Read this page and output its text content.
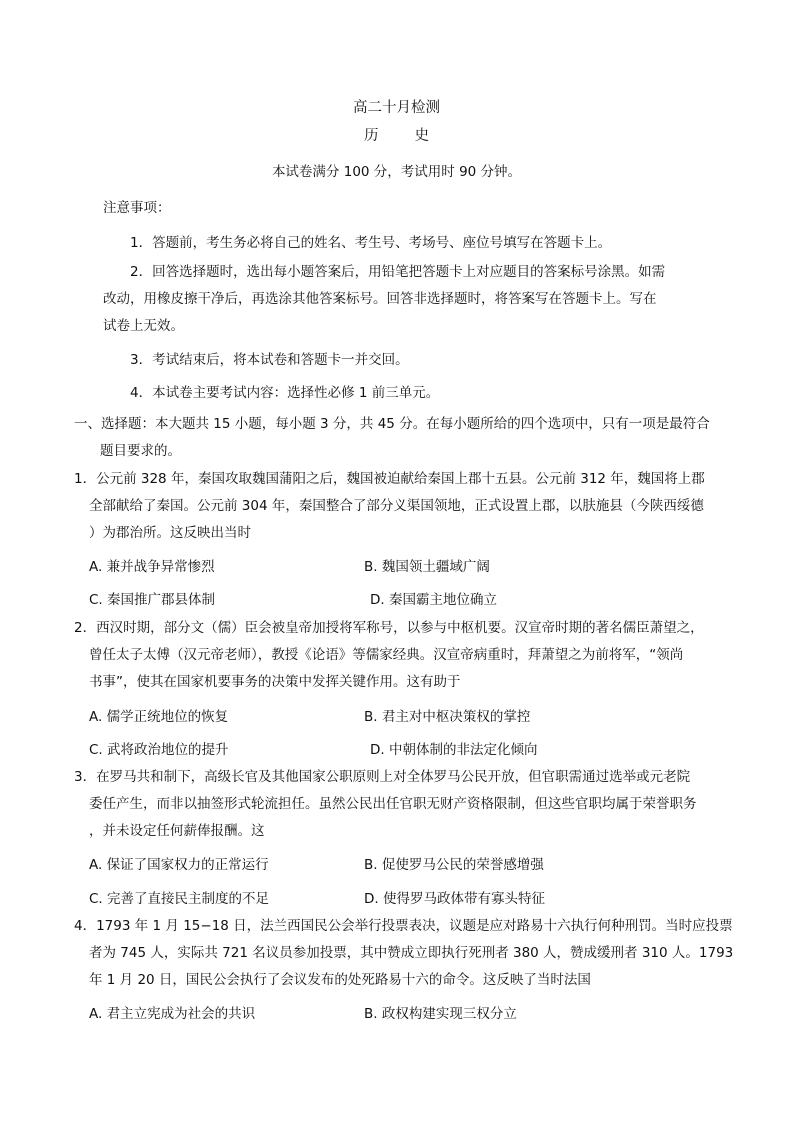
高二十月检测
历 史
本试卷满分 100 分，考试用时 90 分钟。
注意事项：
1．答题前，考生务必将自己的姓名、考生号、考场号、座位号填写在答题卡上。
2．回答选择题时，选出每小题答案后，用铅笔把答题卡上对应题目的答案标号涂黑。如需
改动，用橡皮擦干净后，再选涂其他答案标号。回答非选择题时，将答案写在答题卡上。写在
试卷上无效。
3．考试结束后，将本试卷和答题卡一并交回。
4．本试卷主要考试内容：选择性必修 1 前三单元。
一、选择题：本大题共 15 小题，每小题 3 分，共 45 分。在每小题所给的四个选项中，只有一项是最符合
题目要求的。
1．公元前 328 年，秦国攻取魏国蒲阳之后，魏国被迫献给秦国上郡十五县。公元前 312 年，魏国将上郡
全部献给了秦国。公元前 304 年，秦国整合了部分义渠国领地，正式设置上郡，以肤施县（今陕西绥德
）为郡治所。这反映出当时
A. 兼并战争异常惨烈	B. 魏国领土疆域广阔
C. 秦国推广郡县体制	D. 秦国霸主地位确立
2．西汉时期，部分文（儒）臣会被皇帝加授将军称号，以参与中枢机要。汉宣帝时期的著名儒臣萧望之，
曾任太子太傅（汉元帝老师），教授《论语》等儒家经典。汉宣帝病重时，拜萧望之为前将军，“领尚
书事”，使其在国家机要事务的决策中发挥关键作用。这有助于
A. 儒学正统地位的恢复	B. 君主对中枢决策权的掌控
C. 武将政治地位的提升	D. 中朝体制的非法定化倾向
3．在罗马共和制下，高级长官及其他国家公职原则上对全体罗马公民开放，但官职需通过选举或元老院
委任产生，而非以抽签形式轮流担任。虽然公民出任官职无财产资格限制，但这些官职均属于荣誉职务
，并未设定任何薪俸报酬。这
A. 保证了国家权力的正常运行	B. 促使罗马公民的荣誉感增强
C. 完善了直接民主制度的不足	D. 使得罗马政体带有寡头特征
4．1793 年 1 月 15−18 日，法兰西国民公会举行投票表决，议题是应对路易十六执行何种刑罚。当时应投票
者为 745 人，实际共 721 名议员参加投票，其中赞成立即执行死刑者 380 人，赞成缓刑者 310 人。1793
年 1 月 20 日，国民公会执行了会议发布的处死路易十六的命令。这反映了当时法国
A. 君主立宪成为社会的共识	B. 政权构建实现三权分立
